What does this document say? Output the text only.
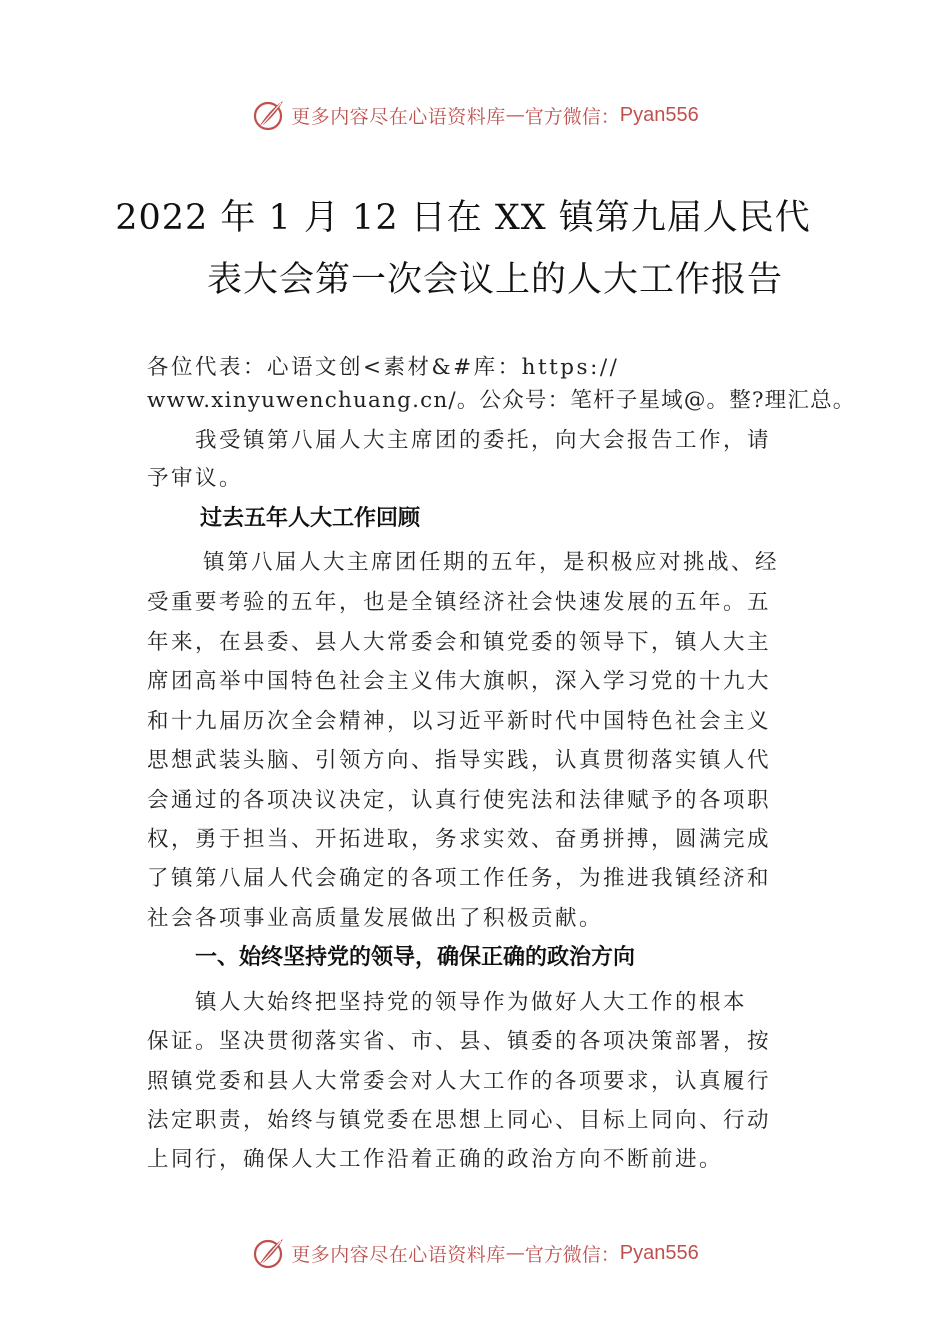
更多内容尽在心语资料库 — 官方微信： Pyan556
2022 年 1 月 12 日在 XX 镇第九届人民代
表大会第一次会议上的人大工作报告
各位代表：心语文创<素材&#库：https://
www.xinyuwenchuang.cn/。公众号：笔杆子星域@。整?理汇总。
我受镇第八届人大主席团的委托，向大会报告工作，请
予审议。
过去五年人大工作回顾
镇第八届人大主席团任期的五年，是积极应对挑战、经
受重要考验的五年，也是全镇经济社会快速发展的五年。五
年来，在县委、县人大常委会和镇党委的领导下，镇人大主
席团高举中国特色社会主义伟大旗帜，深入学习党的十九大
和十九届历次全会精神，以习近平新时代中国特色社会主义
思想武装头脑、引领方向、指导实践，认真贯彻落实镇人代
会通过的各项决议决定，认真行使宪法和法律赋予的各项职
权，勇于担当、开拓进取，务求实效、奋勇拼搏，圆满完成
了镇第八届人代会确定的各项工作任务，为推进我镇经济和
社会各项事业高质量发展做出了积极贡献。
一、始终坚持党的领导，确保正确的政治方向
镇人大始终把坚持党的领导作为做好人大工作的根本
保证。坚决贯彻落实省、市、县、镇委的各项决策部署，按
照镇党委和县人大常委会对人大工作的各项要求，认真履行
法定职责，始终与镇党委在思想上同心、目标上同向、行动
上同行，确保人大工作沿着正确的政治方向不断前进。
更多内容尽在心语资料库 — 官方微信： Pyan556
